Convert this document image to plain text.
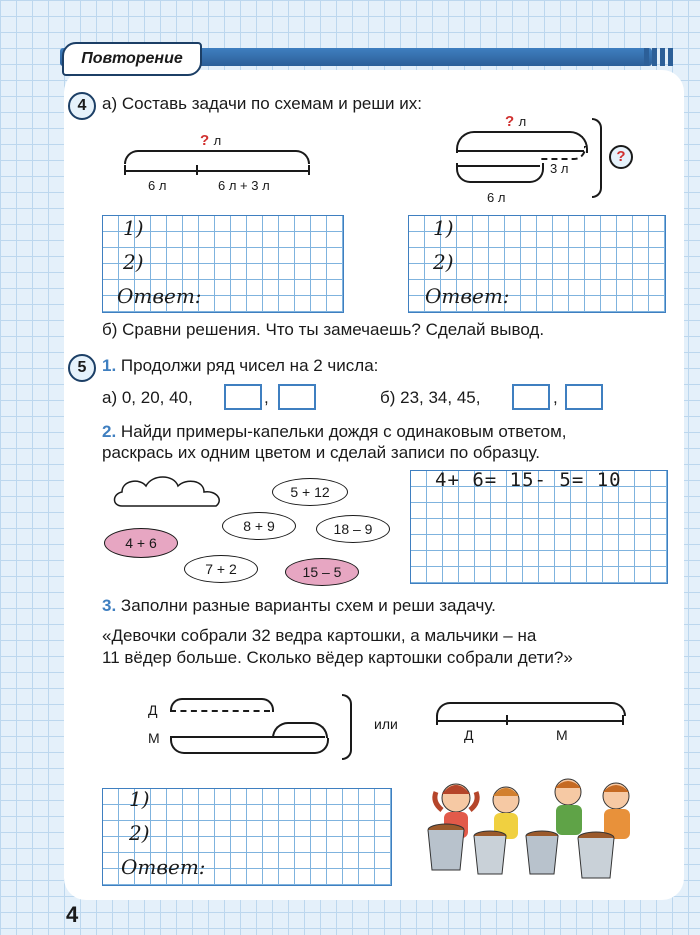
Повторение
4 а) Составь задачи по схемам и реши их:
? л
6 л	6 л + 3 л
? л
3 л
6 л
?
1)
2)
Ответ:
1)
2)
Ответ:
б) Сравни решения. Что ты замечаешь? Сделай вывод.
5 1. Продолжи ряд чисел на 2 числа:
а) 0, 20, 40,	,	б) 23, 34, 45,	,
2. Найди примеры-капельки дождя с одинаковым ответом,
раскрась их одним цветом и сделай записи по образцу.
5 + 12
8 + 9	18 – 9
4 + 6
7 + 2	15 – 5
4+ 6= 15- 5= 10
3. Заполни разные варианты схем и реши задачу.
«Девочки собрали 32 ведра картошки, а мальчики – на
11 вёдер больше. Сколько вёдер картошки собрали дети?»
Д
М
или
Д	М
1)
2)
Ответ:
4
